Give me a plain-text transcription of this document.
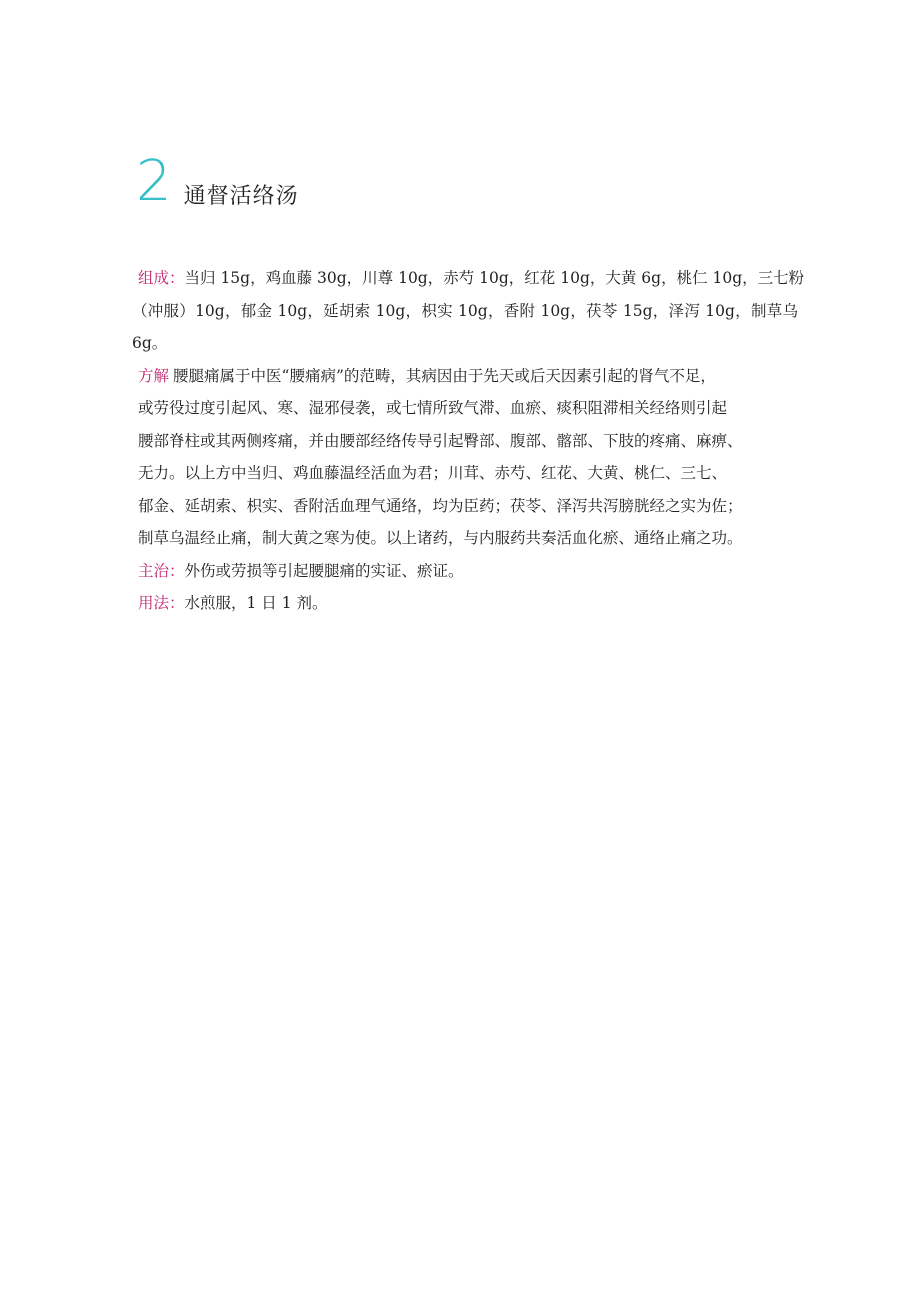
2 通督活络汤

组成：当归 15g，鸡血藤 30g，川尊 10g，赤芍 10g，红花 10g，大黄 6g，桃仁 10g，三七粉
（冲服）10g，郁金 10g，延胡索 10g，枳实 10g，香附 10g，茯苓 15g，泽泻 10g，制草乌 6g。

方解 腰腿痛属于中医“腰痛病”的范畴，其病因由于先天或后天因素引起的肾气不足，
或劳役过度引起风、寒、湿邪侵袭，或七情所致气滞、血瘀、痰积阻滞相关经络则引起
腰部脊柱或其两侧疼痛，并由腰部经络传导引起臀部、腹部、髂部、下肢的疼痛、麻痹、
无力。以上方中当归、鸡血藤温经活血为君；川茸、赤芍、红花、大黄、桃仁、三七、
郁金、延胡索、枳实、香附活血理气通络，均为臣药；茯苓、泽泻共泻膀胱经之实为佐；
制草乌温经止痛，制大黄之寒为使。以上诸药，与内服药共奏活血化瘀、通络止痛之功。

主治：外伤或劳损等引起腰腿痛的实证、瘀证。

用法：水煎服，1 日 1 剂。
